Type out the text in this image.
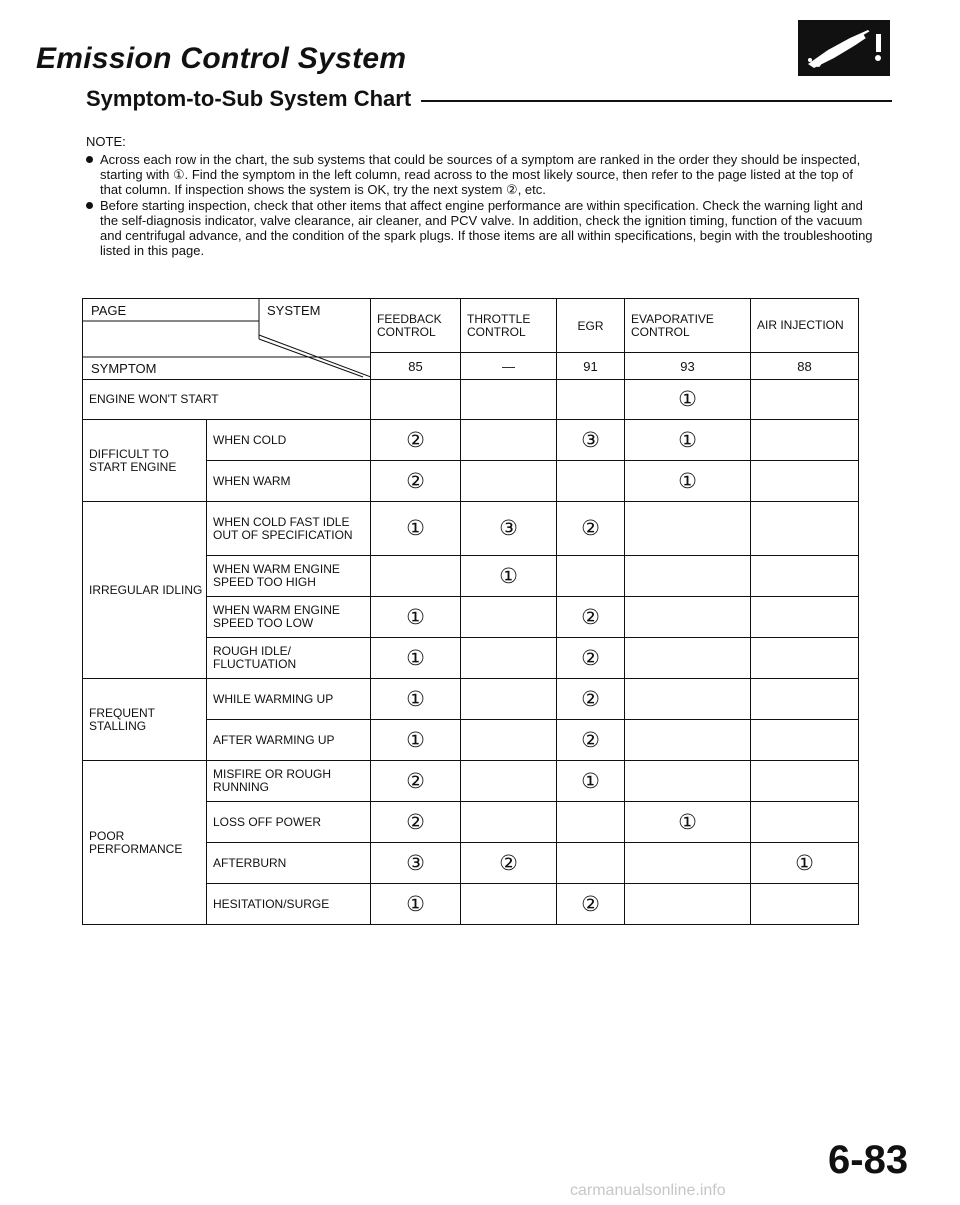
Emission Control System
Symptom-to-Sub System Chart
NOTE:
Across each row in the chart, the sub systems that could be sources of a symptom are ranked in the order they should be inspected, starting with ①. Find the symptom in the left column, read across to the most likely source, then refer to the page listed at the top of that column. If inspection shows the system is OK, try the next system ②, etc.
Before starting inspection, check that other items that affect engine performance are within specification. Check the warning light and the self-diagnosis indicator, valve clearance, air cleaner, and PCV valve. In addition, check the ignition timing, function of the vacuum and centrifugal advance, and the condition of the spark plugs. If those items are all within specifications, begin with the troubleshooting listed in this page.
PAGE SYSTEM
SYMPTOM		FEEDBACK CONTROL	THROTTLE CONTROL	EGR	EVAPORATIVE CONTROL	AIR INJECTION
		85	—	91	93	88
ENGINE WON'T START					①	
DIFFICULT TO START ENGINE	WHEN COLD	②		③	①	
	WHEN WARM	②			①	
IRREGULAR IDLING	WHEN COLD FAST IDLE OUT OF SPECIFICATION	①	③	②		
	WHEN WARM ENGINE SPEED TOO HIGH		①			
	WHEN WARM ENGINE SPEED TOO LOW	①		②		
	ROUGH IDLE/ FLUCTUATION	①		②		
FREQUENT STALLING	WHILE WARMING UP	①		②		
	AFTER WARMING UP	①		②		
POOR PERFORMANCE	MISFIRE OR ROUGH RUNNING	②		①		
	LOSS OFF POWER	②			①	
	AFTERBURN	③	②			①
	HESITATION/SURGE	①		②		
6-83
carmanualsonline.info
